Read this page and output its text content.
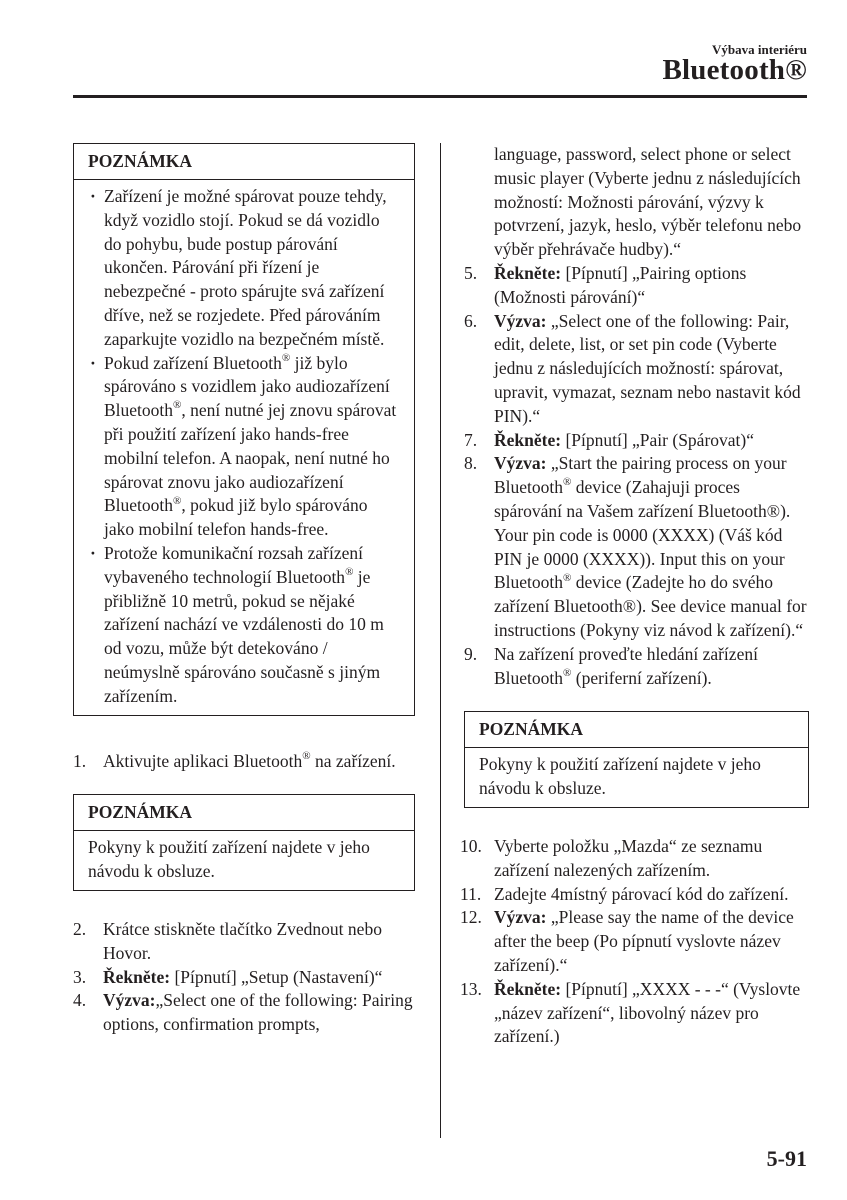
Výbava interiéru
Bluetooth®
POZNÁMKA
· Zařízení je možné spárovat pouze tehdy, když vozidlo stojí. Pokud se dá vozidlo do pohybu, bude postup párování ukončen. Párování při řízení je nebezpečné - proto spárujte svá zařízení dříve, než se rozjedete. Před párováním zaparkujte vozidlo na bezpečném místě.
· Pokud zařízení Bluetooth® již bylo spárováno s vozidlem jako audiozařízení Bluetooth®, není nutné jej znovu spárovat při použití zařízení jako hands-free mobilní telefon. A naopak, není nutné ho spárovat znovu jako audiozařízení Bluetooth®, pokud již bylo spárováno jako mobilní telefon hands-free.
· Protože komunikační rozsah zařízení vybaveného technologií Bluetooth® je přibližně 10 metrů, pokud se nějaké zařízení nachází ve vzdálenosti do 10 m od vozu, může být detekováno / neúmyslně spárováno současně s jiným zařízením.
1. Aktivujte aplikaci Bluetooth® na zařízení.
POZNÁMKA
Pokyny k použití zařízení najdete v jeho návodu k obsluze.
2. Krátce stiskněte tlačítko Zvednout nebo Hovor.
3. Řekněte: [Pípnutí] „Setup (Nastavení)“
4. Výzva:„Select one of the following: Pairing options, confirmation prompts,
language, password, select phone or select music player (Vyberte jednu z následujících možností: Možnosti párování, výzvy k potvrzení, jazyk, heslo, výběr telefonu nebo výběr přehrávače hudby).“
5. Řekněte: [Pípnutí] „Pairing options (Možnosti párování)“
6. Výzva: „Select one of the following: Pair, edit, delete, list, or set pin code (Vyberte jednu z následujících možností: spárovat, upravit, vymazat, seznam nebo nastavit kód PIN).“
7. Řekněte: [Pípnutí] „Pair (Spárovat)“
8. Výzva: „Start the pairing process on your Bluetooth® device (Zahajuji proces spárování na Vašem zařízení Bluetooth®). Your pin code is 0000 (XXXX) (Váš kód PIN je 0000 (XXXX)). Input this on your Bluetooth® device (Zadejte ho do svého zařízení Bluetooth®). See device manual for instructions (Pokyny viz návod k zařízení).“
9. Na zařízení proveďte hledání zařízení Bluetooth® (periferní zařízení).
POZNÁMKA
Pokyny k použití zařízení najdete v jeho návodu k obsluze.
10. Vyberte položku „Mazda“ ze seznamu zařízení nalezených zařízením.
11. Zadejte 4místný párovací kód do zařízení.
12. Výzva: „Please say the name of the device after the beep (Po pípnutí vyslovte název zařízení).“
13. Řekněte: [Pípnutí] „XXXX - - -“ (Vyslovte „název zařízení“, libovolný název pro zařízení.)
5-91
